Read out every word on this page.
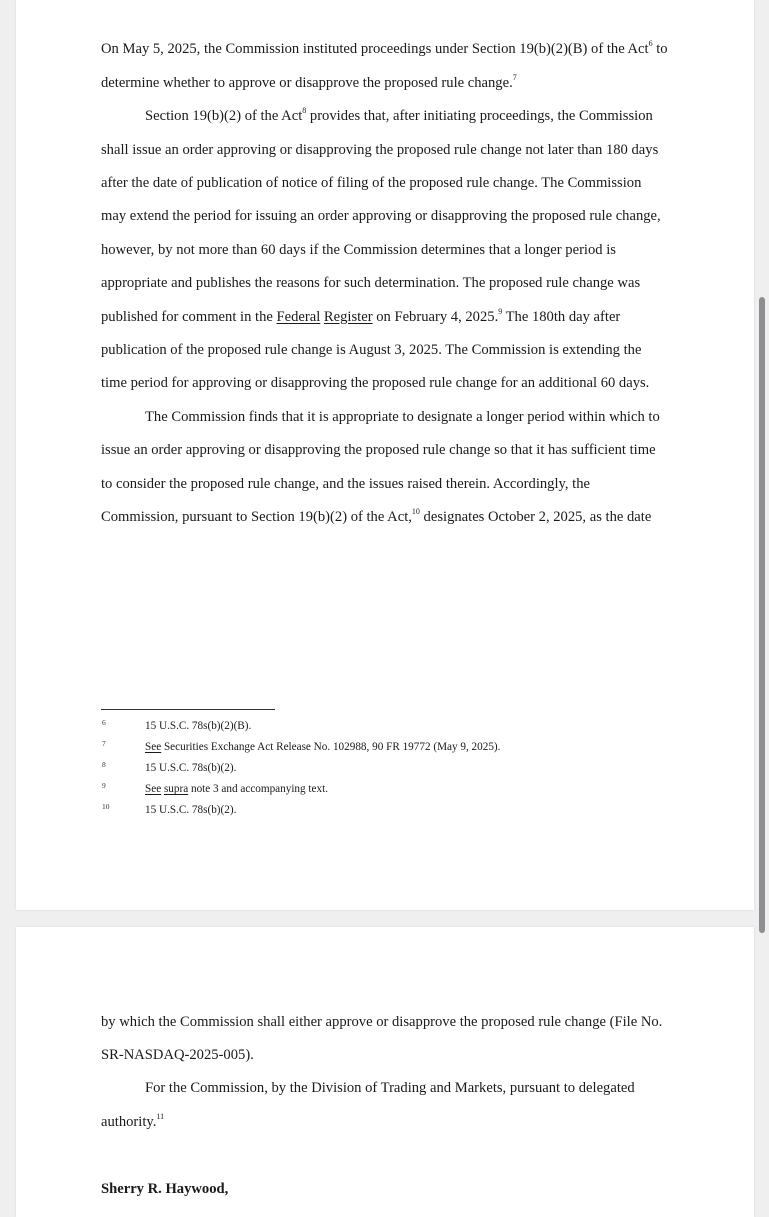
On May 5, 2025, the Commission instituted proceedings under Section 19(b)(2)(B) of the Act$^6$ to
determine whether to approve or disapprove the proposed rule change.$^7$
Section 19(b)(2) of the Act$^8$ provides that, after initiating proceedings, the Commission
shall issue an order approving or disapproving the proposed rule change not later than 180 days
after the date of publication of notice of filing of the proposed rule change. The Commission
may extend the period for issuing an order approving or disapproving the proposed rule change,
however, by not more than 60 days if the Commission determines that a longer period is
appropriate and publishes the reasons for such determination. The proposed rule change was
published for comment in the Federal Register on February 4, 2025.$^9$ The 180th day after
publication of the proposed rule change is August 3, 2025. The Commission is extending the
time period for approving or disapproving the proposed rule change for an additional 60 days.
The Commission finds that it is appropriate to designate a longer period within which to
issue an order approving or disapproving the proposed rule change so that it has sufficient time
to consider the proposed rule change, and the issues raised therein. Accordingly, the
Commission, pursuant to Section 19(b)(2) of the Act,$^{10}$ designates October 2, 2025, as the date
6	15 U.S.C. 78s(b)(2)(B).
7	See Securities Exchange Act Release No. 102988, 90 FR 19772 (May 9, 2025).
8	15 U.S.C. 78s(b)(2).
9	See supra note 3 and accompanying text.
10	15 U.S.C. 78s(b)(2).
by which the Commission shall either approve or disapprove the proposed rule change (File No.
SR-NASDAQ-2025-005).
For the Commission, by the Division of Trading and Markets, pursuant to delegated
authority.$^{11}$
Sherry R. Haywood,
